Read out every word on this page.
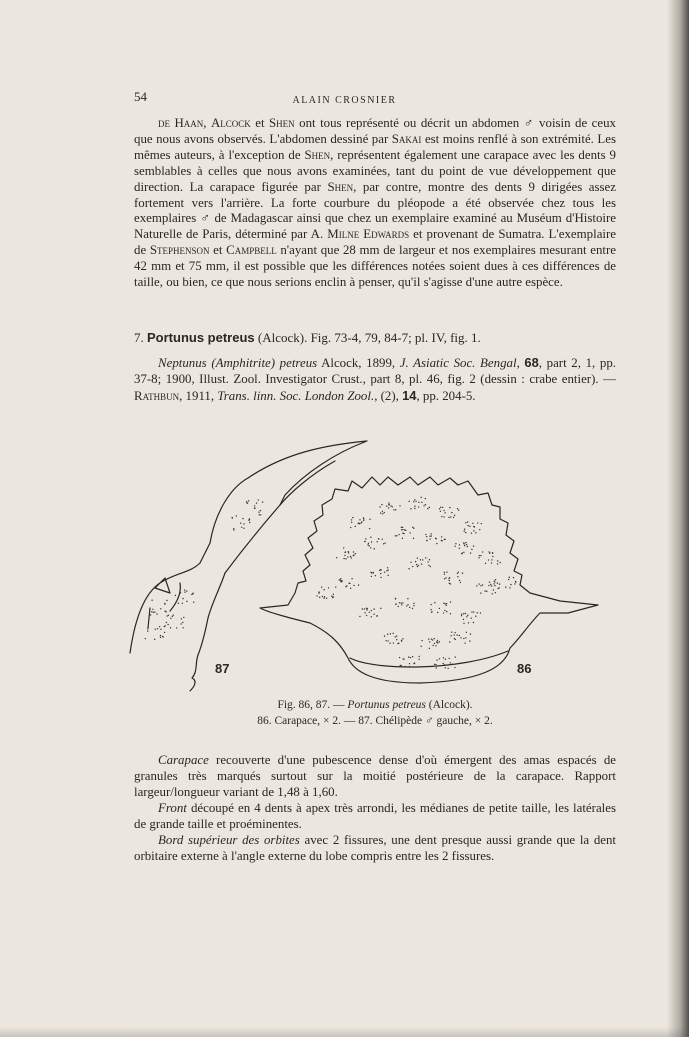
54	ALAIN CROSNIER

de Haan, Alcock et Shen ont tous représenté ou décrit un abdomen ♂ voisin de ceux que nous avons observés. L'abdomen dessiné par Sakai est moins renflé à son extrémité. Les mêmes auteurs, à l'exception de Shen, représentent également une carapace avec les dents 9 semblables à celles que nous avons examinées, tant du point de vue développement que direction. La carapace figurée par Shen, par contre, montre des dents 9 dirigées assez fortement vers l'arrière. La forte courbure du pléopode a été observée chez tous les exemplaires ♂ de Madagascar ainsi que chez un exemplaire examiné au Muséum d'Histoire Naturelle de Paris, déterminé par A. Milne Edwards et provenant de Sumatra. L'exemplaire de Stephenson et Campbell n'ayant que 28 mm de largeur et nos exemplaires mesurant entre 42 mm et 75 mm, il est possible que les différences notées soient dues à ces différences de taille, ou bien, ce que nous serions enclin à penser, qu'il s'agisse d'une autre espèce.

7. Portunus petreus (Alcock). Fig. 73-4, 79, 84-7; pl. IV, fig. 1.

Neptunus (Amphitrite) petreus Alcock, 1899, J. Asiatic Soc. Bengal, 68, part 2, 1, pp. 37-8; 1900, Illust. Zool. Investigator Crust., part 8, pl. 46, fig. 2 (dessin : crabe entier). — Rathbun, 1911, Trans. linn. Soc. London Zool., (2), 14, pp. 204-5.

87	86

Fig. 86, 87. — Portunus petreus (Alcock).

86. Carapace, × 2. — 87. Chélipède ♂ gauche, × 2.

Carapace recouverte d'une pubescence dense d'où émergent des amas espacés de granules très marqués surtout sur la moitié postérieure de la carapace. Rapport largeur/longueur variant de 1,48 à 1,60.

Front découpé en 4 dents à apex très arrondi, les médianes de petite taille, les latérales de grande taille et proéminentes.

Bord supérieur des orbites avec 2 fissures, une dent presque aussi grande que la dent orbitaire externe à l'angle externe du lobe compris entre les 2 fissures.
